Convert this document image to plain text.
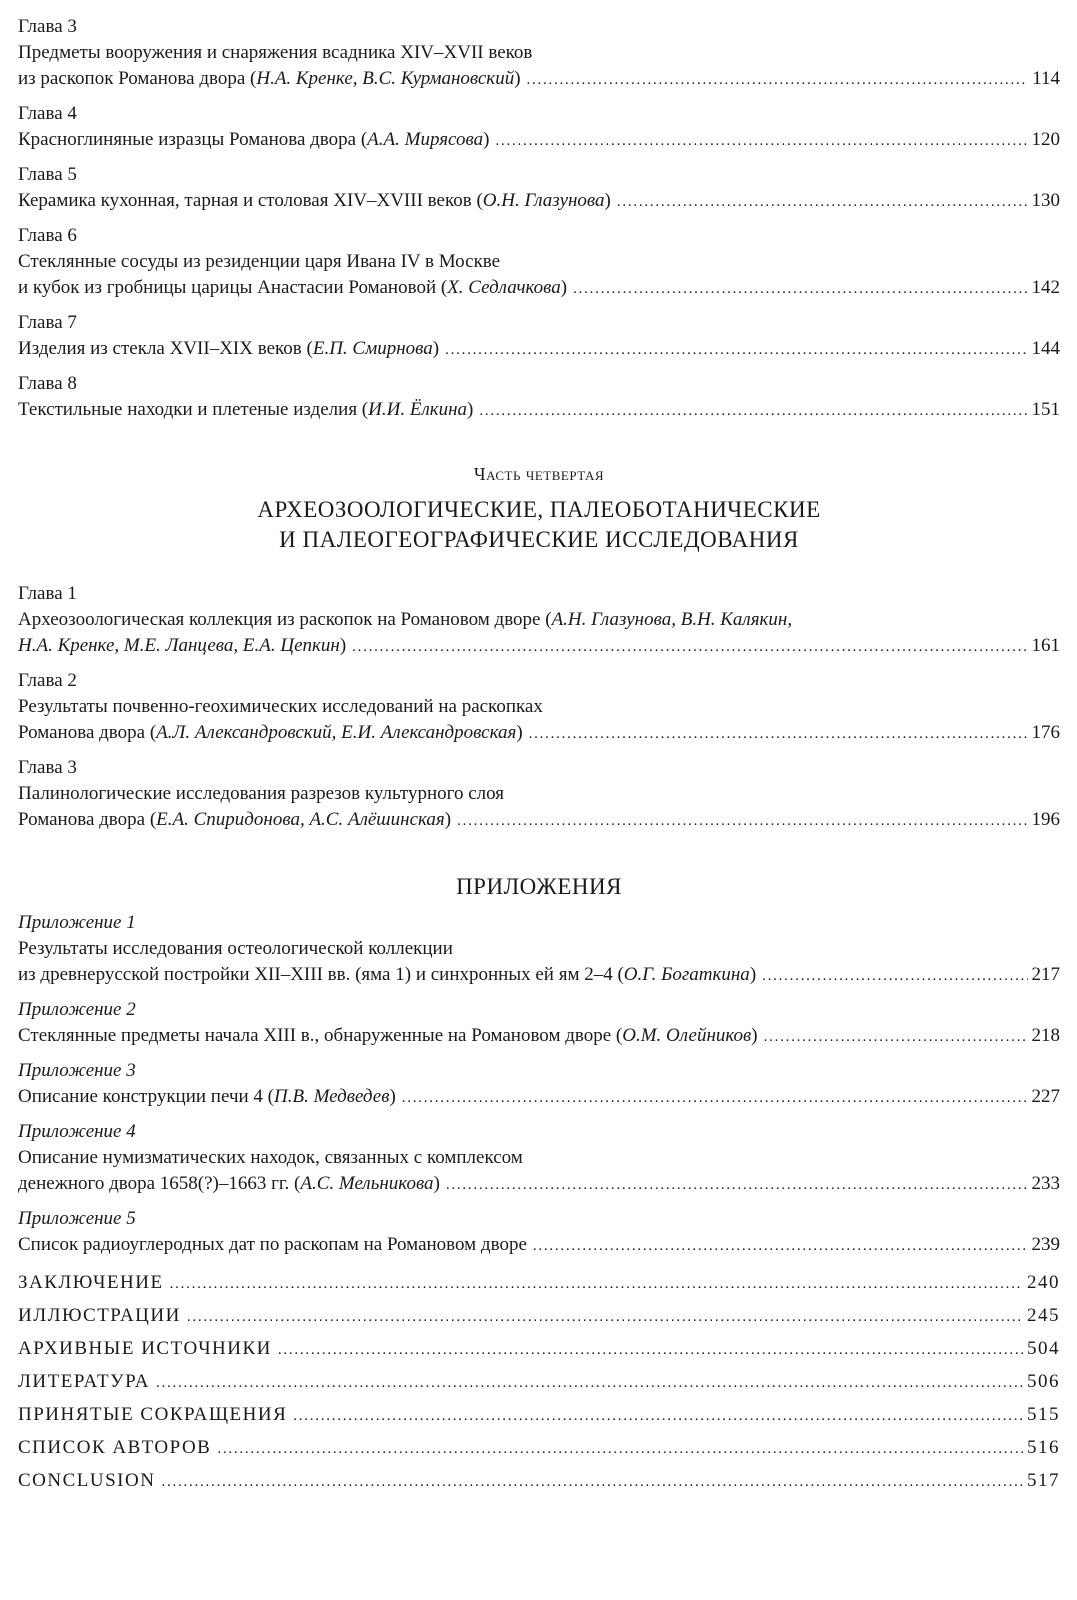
Глава 3
Предметы вооружения и снаряжения всадника XIV–XVII веков
из раскопок Романова двора (Н.А. Кренке, В.С. Курмановский) . . .	114
Глава 4
Красноглиняные изразцы Романова двора (А.А. Мирясова) . . .	120
Глава 5
Керамика кухонная, тарная и столовая XIV–XVIII веков (О.Н. Глазунова) . . .	130
Глава 6
Стеклянные сосуды из резиденции царя Ивана IV в Москве
и кубок из гробницы царицы Анастасии Романовой (Х. Седлачкова) . . .	142
Глава 7
Изделия из стекла XVII–XIX веков (Е.П. Смирнова) . . .	144
Глава 8
Текстильные находки и плетеные изделия (И.И. Ёлкина) . . .	151
Часть четвертая
АРХЕОЗООЛОГИЧЕСКИЕ, ПАЛЕОБОТАНИЧЕСКИЕ
И ПАЛЕОГЕОГРАФИЧЕСКИЕ ИССЛЕДОВАНИЯ
Глава 1
Археозоологическая коллекция из раскопок на Романовом дворе (А.Н. Глазунова, В.Н. Калякин,
Н.А. Кренке, М.Е. Ланцева, Е.А. Цепкин) . . .	161
Глава 2
Результаты почвенно-геохимических исследований на раскопках
Романова двора (А.Л. Александровский, Е.И. Александровская) . . .	176
Глава 3
Палинологические исследования разрезов культурного слоя
Романова двора (Е.А. Спиридонова, А.С. Алёшинская) . . .	196
ПРИЛОЖЕНИЯ
Приложение 1
Результаты исследования остеологической коллекции
из древнерусской постройки XII–XIII вв. (яма 1) и синхронных ей ям 2–4 (О.Г. Богаткина) . . .	217
Приложение 2
Стеклянные предметы начала XIII в., обнаруженные на Романовом дворе (О.М. Олейников) . . .	218
Приложение 3
Описание конструкции печи 4 (П.В. Медведев) . . .	227
Приложение 4
Описание нумизматических находок, связанных с комплексом
денежного двора 1658(?)–1663 гг. (А.С. Мельникова) . . .	233
Приложение 5
Список радиоуглеродных дат по раскопам на Романовом дворе . . .	239
ЗАКЛЮЧЕНИЕ . . .	240
ИЛЛЮСТРАЦИИ . . .	245
АРХИВНЫЕ ИСТОЧНИКИ . . .	504
ЛИТЕРАТУРА . . .	506
ПРИНЯТЫЕ СОКРАЩЕНИЯ . . .	515
СПИСОК АВТОРОВ . . .	516
CONCLUSION . . .	517
